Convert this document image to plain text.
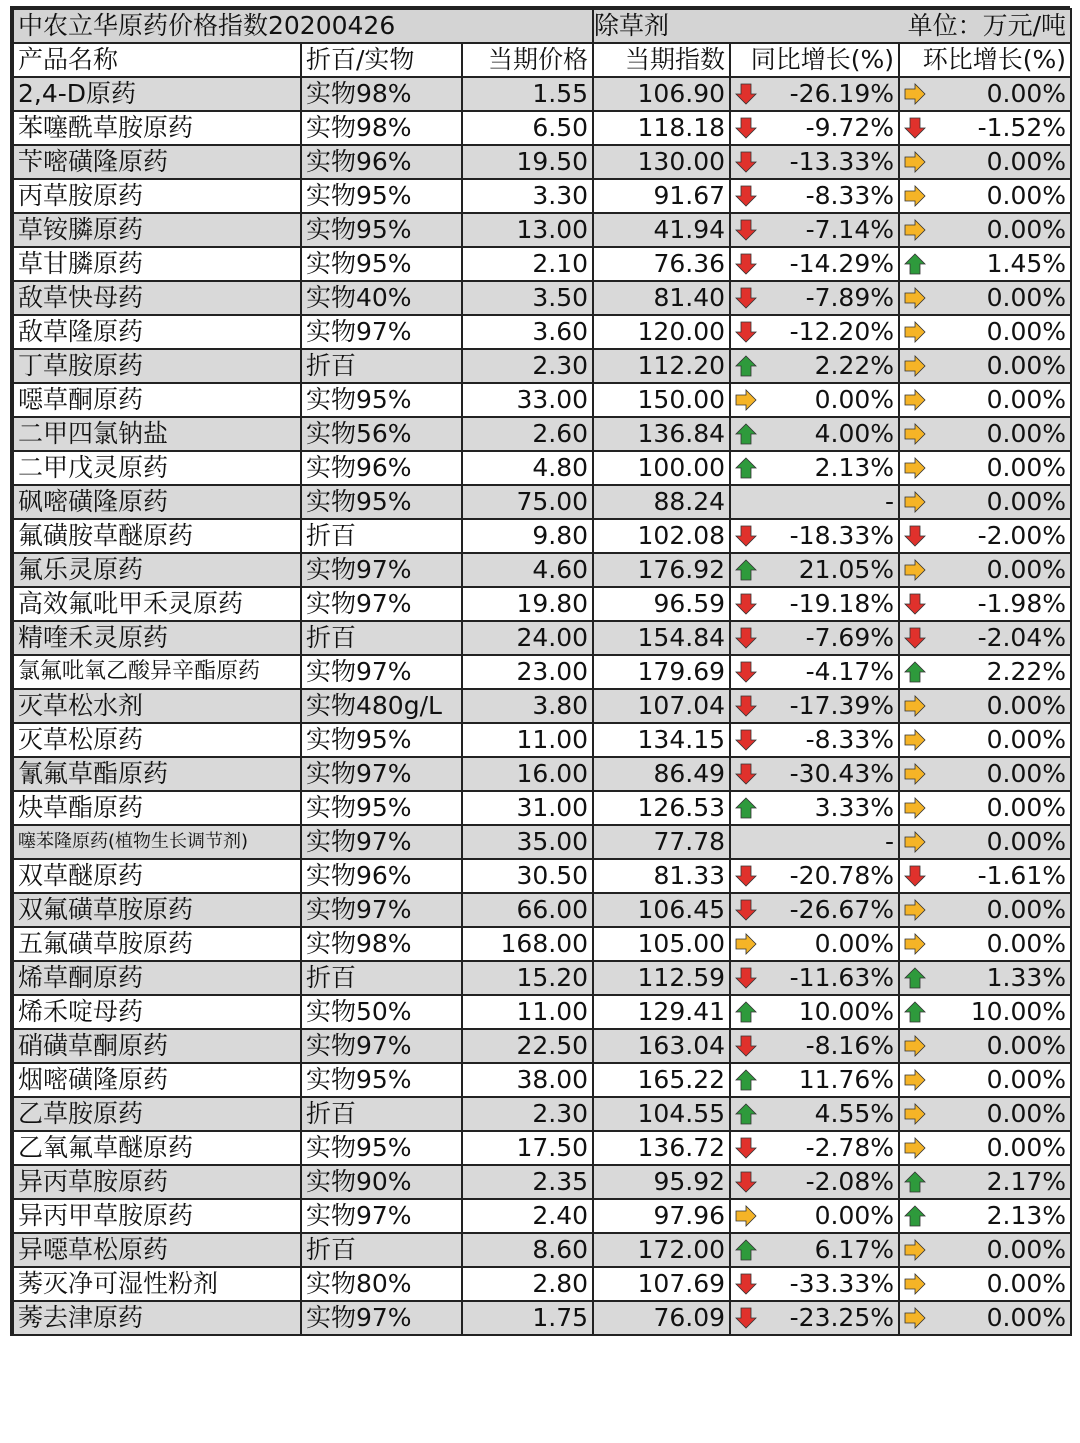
中农立华原药价格指数20200426			除草剂	单位：万元/吨	
产品名称	折百/实物	当期价格	当期指数	同比增长(%)	环比增长(%)
2,4-D原药	实物98%	1.55	106.90	-26.19%	0.00%

苯噻酰草胺原药	实物98%	6.50	118.18	-9.72%	-1.52%

苄嘧磺隆原药	实物96%	19.50	130.00	-13.33%	0.00%

丙草胺原药	实物95%	3.30	91.67	-8.33%	0.00%

草铵膦原药	实物95%	13.00	41.94	-7.14%	0.00%

草甘膦原药	实物95%	2.10	76.36	-14.29%	1.45%

敌草快母药	实物40%	3.50	81.40	-7.89%	0.00%

敌草隆原药	实物97%	3.60	120.00	-12.20%	0.00%

丁草胺原药	折百	2.30	112.20	2.22%	0.00%

噁草酮原药	实物95%	33.00	150.00	0.00%	0.00%

二甲四氯钠盐	实物56%	2.60	136.84	4.00%	0.00%

二甲戊灵原药	实物96%	4.80	100.00	2.13%	0.00%

砜嘧磺隆原药	实物95%	75.00	88.24	-	0.00%

氟磺胺草醚原药	折百	9.80	102.08	-18.33%	-2.00%

氟乐灵原药	实物97%	4.60	176.92	21.05%	0.00%

高效氟吡甲禾灵原药	实物97%	19.80	96.59	-19.18%	-1.98%

精喹禾灵原药	折百	24.00	154.84	-7.69%	-2.04%

氯氟吡氧乙酸异辛酯原药	实物97%	23.00	179.69	-4.17%	2.22%

灭草松水剂	实物480g/L	3.80	107.04	-17.39%	0.00%

灭草松原药	实物95%	11.00	134.15	-8.33%	0.00%

氰氟草酯原药	实物97%	16.00	86.49	-30.43%	0.00%

炔草酯原药	实物95%	31.00	126.53	3.33%	0.00%

噻苯隆原药(植物生长调节剂)	实物97%	35.00	77.78	-	0.00%

双草醚原药	实物96%	30.50	81.33	-20.78%	-1.61%

双氟磺草胺原药	实物97%	66.00	106.45	-26.67%	0.00%

五氟磺草胺原药	实物98%	168.00	105.00	0.00%	0.00%

烯草酮原药	折百	15.20	112.59	-11.63%	1.33%

烯禾啶母药	实物50%	11.00	129.41	10.00%	10.00%

硝磺草酮原药	实物97%	22.50	163.04	-8.16%	0.00%

烟嘧磺隆原药	实物95%	38.00	165.22	11.76%	0.00%

乙草胺原药	折百	2.30	104.55	4.55%	0.00%

乙氧氟草醚原药	实物95%	17.50	136.72	-2.78%	0.00%

异丙草胺原药	实物90%	2.35	95.92	-2.08%	2.17%

异丙甲草胺原药	实物97%	2.40	97.96	0.00%	2.13%

异噁草松原药	折百	8.60	172.00	6.17%	0.00%

莠灭净可湿性粉剂	实物80%	2.80	107.69	-33.33%	0.00%

莠去津原药	实物97%	1.75	76.09	-23.25%	0.00%
